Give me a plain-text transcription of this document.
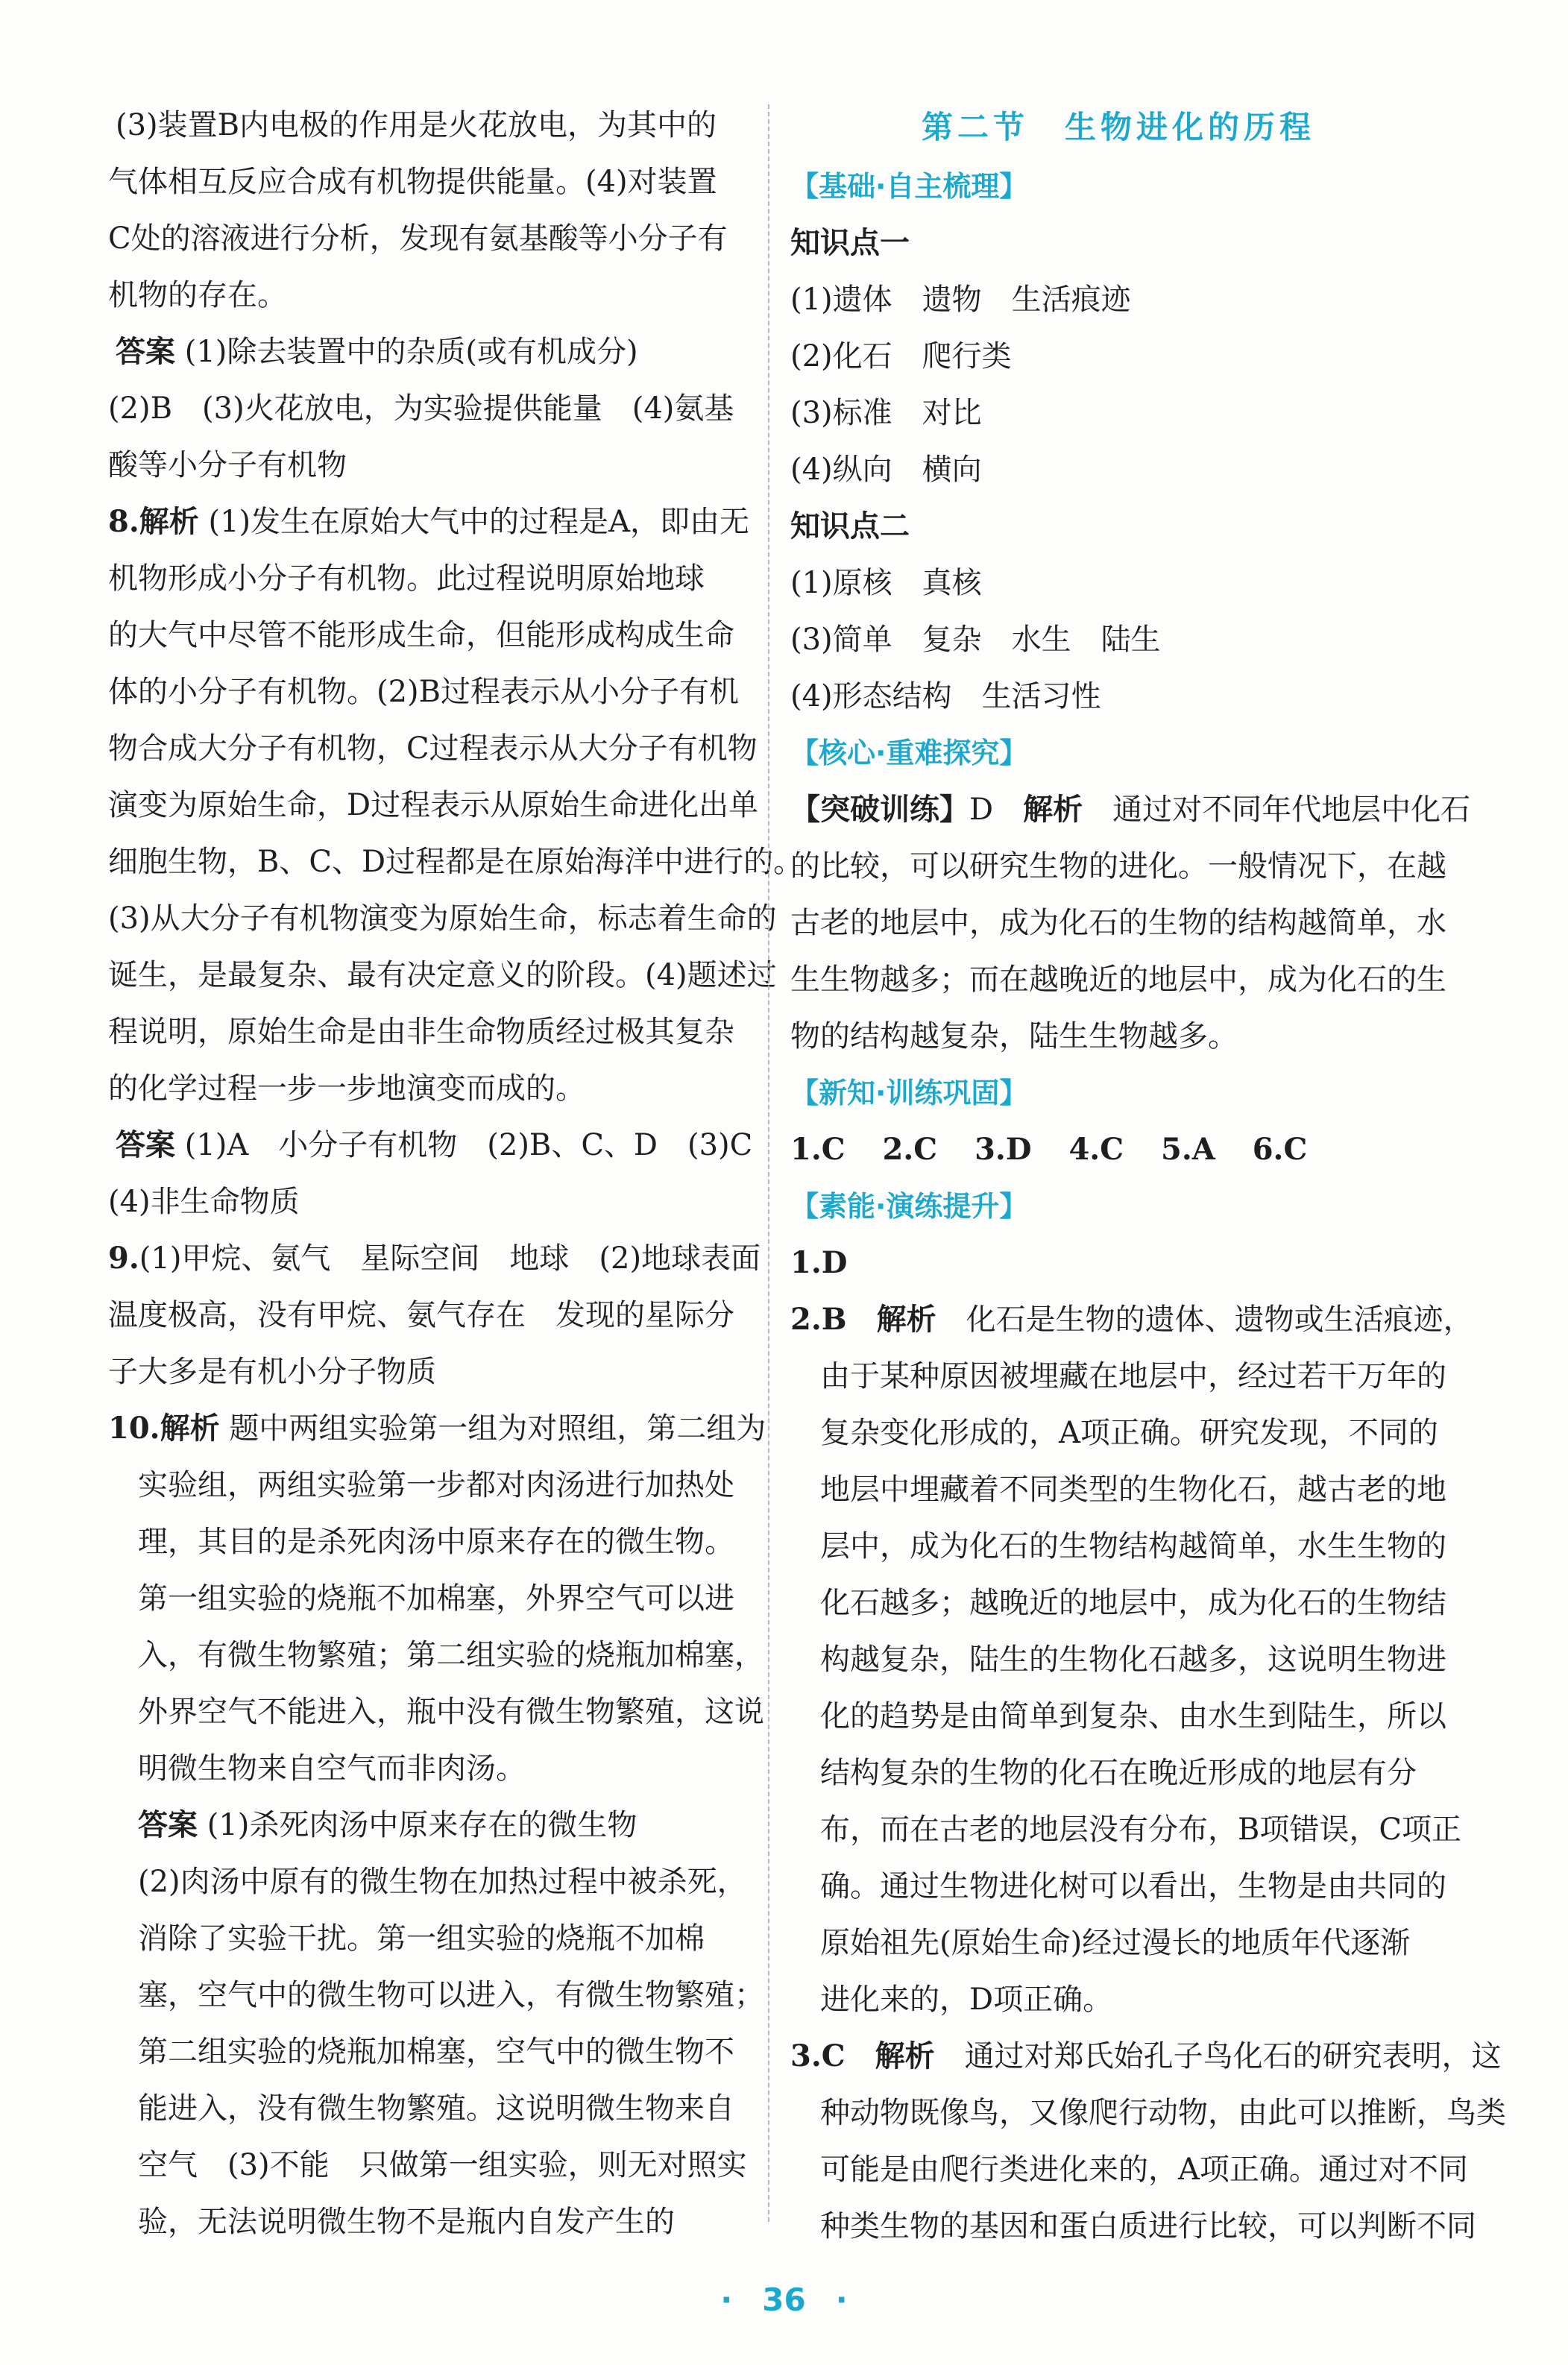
(3)装置B内电极的作用是火花放电，为其中的
气体相互反应合成有机物提供能量。(4)对装置
C处的溶液进行分析，发现有氨基酸等小分子有
机物的存在。
答案 (1)除去装置中的杂质(或有机成分)
(2)B　(3)火花放电，为实验提供能量　(4)氨基
酸等小分子有机物
8.解析 (1)发生在原始大气中的过程是A，即由无
机物形成小分子有机物。此过程说明原始地球
的大气中尽管不能形成生命，但能形成构成生命
体的小分子有机物。(2)B过程表示从小分子有机
物合成大分子有机物，C过程表示从大分子有机物
演变为原始生命，D过程表示从原始生命进化出单
细胞生物，B、C、D过程都是在原始海洋中进行的。
(3)从大分子有机物演变为原始生命，标志着生命的
诞生，是最复杂、最有决定意义的阶段。(4)题述过
程说明，原始生命是由非生命物质经过极其复杂
的化学过程一步一步地演变而成的。
答案 (1)A　小分子有机物　(2)B、C、D　(3)C
(4)非生命物质
9.(1)甲烷、氨气　星际空间　地球　(2)地球表面
温度极高，没有甲烷、氨气存在　发现的星际分
子大多是有机小分子物质
10.解析 题中两组实验第一组为对照组，第二组为
实验组，两组实验第一步都对肉汤进行加热处
理，其目的是杀死肉汤中原来存在的微生物。
第一组实验的烧瓶不加棉塞，外界空气可以进
入，有微生物繁殖；第二组实验的烧瓶加棉塞，
外界空气不能进入，瓶中没有微生物繁殖，这说
明微生物来自空气而非肉汤。
答案 (1)杀死肉汤中原来存在的微生物
(2)肉汤中原有的微生物在加热过程中被杀死，
消除了实验干扰。第一组实验的烧瓶不加棉
塞，空气中的微生物可以进入，有微生物繁殖；
第二组实验的烧瓶加棉塞，空气中的微生物不
能进入，没有微生物繁殖。这说明微生物来自
空气　(3)不能　只做第一组实验，则无对照实
验，无法说明微生物不是瓶内自发产生的
第二节　生物进化的历程
【基础·自主梳理】
知识点一
(1)遗体　遗物　生活痕迹
(2)化石　爬行类
(3)标准　对比
(4)纵向　横向
知识点二
(1)原核　真核
(3)简单　复杂　水生　陆生
(4)形态结构　生活习性
【核心·重难探究】
【突破训练】D　 解析　 通过对不同年代地层中化石
的比较，可以研究生物的进化。一般情况下，在越
古老的地层中，成为化石的生物的结构越简单，水
生生物越多；而在越晚近的地层中，成为化石的生
物的结构越复杂，陆生生物越多。
【新知·训练巩固】
1.C 2.C 3.D 4.C 5.A 6.C
【素能·演练提升】
1.D
2.B　 解析　 化石是生物的遗体、遗物或生活痕迹，
由于某种原因被埋藏在地层中，经过若干万年的
复杂变化形成的，A项正确。研究发现，不同的
地层中埋藏着不同类型的生物化石，越古老的地
层中，成为化石的生物结构越简单，水生生物的
化石越多；越晚近的地层中，成为化石的生物结
构越复杂，陆生的生物化石越多，这说明生物进
化的趋势是由简单到复杂、由水生到陆生，所以
结构复杂的生物的化石在晚近形成的地层有分
布，而在古老的地层没有分布，B项错误，C项正
确。通过生物进化树可以看出，生物是由共同的
原始祖先(原始生命)经过漫长的地质年代逐渐
进化来的，D项正确。
3.C　 解析　 通过对郑氏始孔子鸟化石的研究表明，这
种动物既像鸟，又像爬行动物，由此可以推断，鸟类
可能是由爬行类进化来的，A项正确。通过对不同
种类生物的基因和蛋白质进行比较，可以判断不同
· 36 ·
